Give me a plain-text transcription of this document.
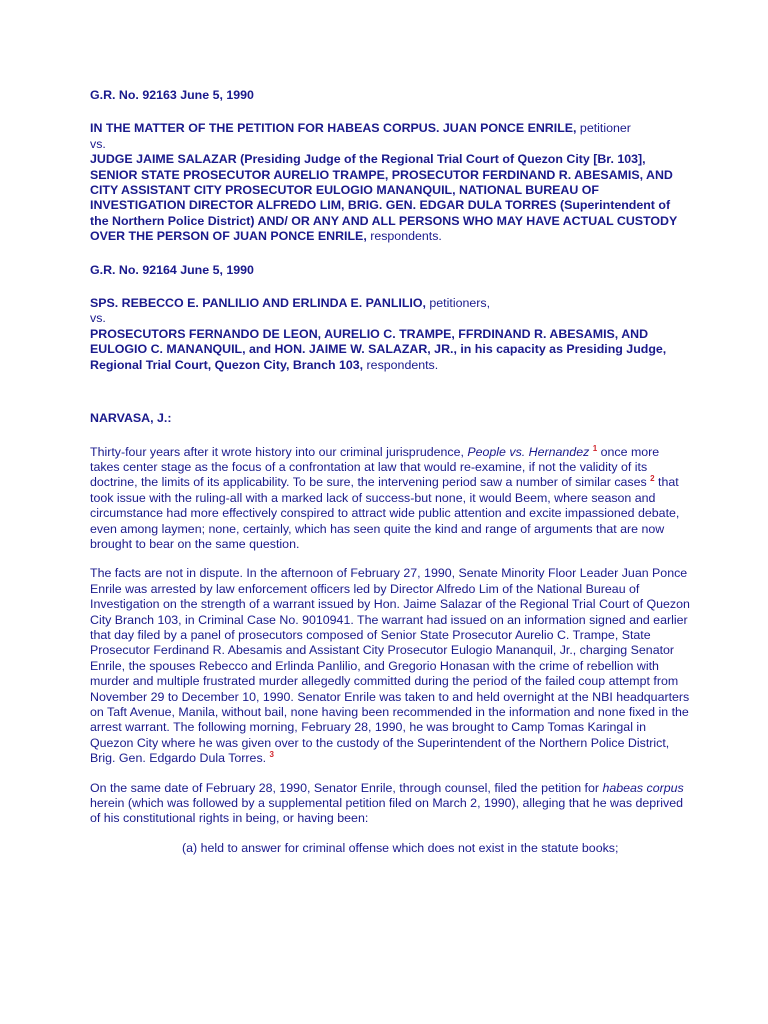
G.R. No. 92163 June 5, 1990

IN THE MATTER OF THE PETITION FOR HABEAS CORPUS. JUAN PONCE ENRILE, petitioner
vs.
JUDGE JAIME SALAZAR (Presiding Judge of the Regional Trial Court of Quezon City [Br. 103], SENIOR STATE PROSECUTOR AURELIO TRAMPE, PROSECUTOR FERDINAND R. ABESAMIS, AND CITY ASSISTANT CITY PROSECUTOR EULOGIO MANANQUIL, NATIONAL BUREAU OF INVESTIGATION DIRECTOR ALFREDO LIM, BRIG. GEN. EDGAR DULA TORRES (Superintendent of the Northern Police District) AND/ OR ANY AND ALL PERSONS WHO MAY HAVE ACTUAL CUSTODY OVER THE PERSON OF JUAN PONCE ENRILE, respondents.

G.R. No. 92164 June 5, 1990

SPS. REBECCO E. PANLILIO AND ERLINDA E. PANLILIO, petitioners,
vs.
PROSECUTORS FERNANDO DE LEON, AURELIO C. TRAMPE, FFRDINAND R. ABESAMIS, AND EULOGIO C. MANANQUIL, and HON. JAIME W. SALAZAR, JR., in his capacity as Presiding Judge, Regional Trial Court, Quezon City, Branch 103, respondents.

NARVASA, J.:

Thirty-four years after it wrote history into our criminal jurisprudence, People vs. Hernandez $^1$ once more takes center stage as the focus of a confrontation at law that would re-examine, if not the validity of its doctrine, the limits of its applicability. To be sure, the intervening period saw a number of similar cases $^2$ that took issue with the ruling-all with a marked lack of success-but none, it would Beem, where season and circumstance had more effectively conspired to attract wide public attention and excite impassioned debate, even among laymen; none, certainly, which has seen quite the kind and range of arguments that are now brought to bear on the same question.

The facts are not in dispute. In the afternoon of February 27, 1990, Senate Minority Floor Leader Juan Ponce Enrile was arrested by law enforcement officers led by Director Alfredo Lim of the National Bureau of Investigation on the strength of a warrant issued by Hon. Jaime Salazar of the Regional Trial Court of Quezon City Branch 103, in Criminal Case No. 9010941. The warrant had issued on an information signed and earlier that day filed by a panel of prosecutors composed of Senior State Prosecutor Aurelio C. Trampe, State Prosecutor Ferdinand R. Abesamis and Assistant City Prosecutor Eulogio Mananquil, Jr., charging Senator Enrile, the spouses Rebecco and Erlinda Panlilio, and Gregorio Honasan with the crime of rebellion with murder and multiple frustrated murder allegedly committed during the period of the failed coup attempt from November 29 to December 10, 1990. Senator Enrile was taken to and held overnight at the NBI headquarters on Taft Avenue, Manila, without bail, none having been recommended in the information and none fixed in the arrest warrant. The following morning, February 28, 1990, he was brought to Camp Tomas Karingal in Quezon City where he was given over to the custody of the Superintendent of the Northern Police District, Brig. Gen. Edgardo Dula Torres. $^3$

On the same date of February 28, 1990, Senator Enrile, through counsel, filed the petition for habeas corpus herein (which was followed by a supplemental petition filed on March 2, 1990), alleging that he was deprived of his constitutional rights in being, or having been:

(a) held to answer for criminal offense which does not exist in the statute books;
